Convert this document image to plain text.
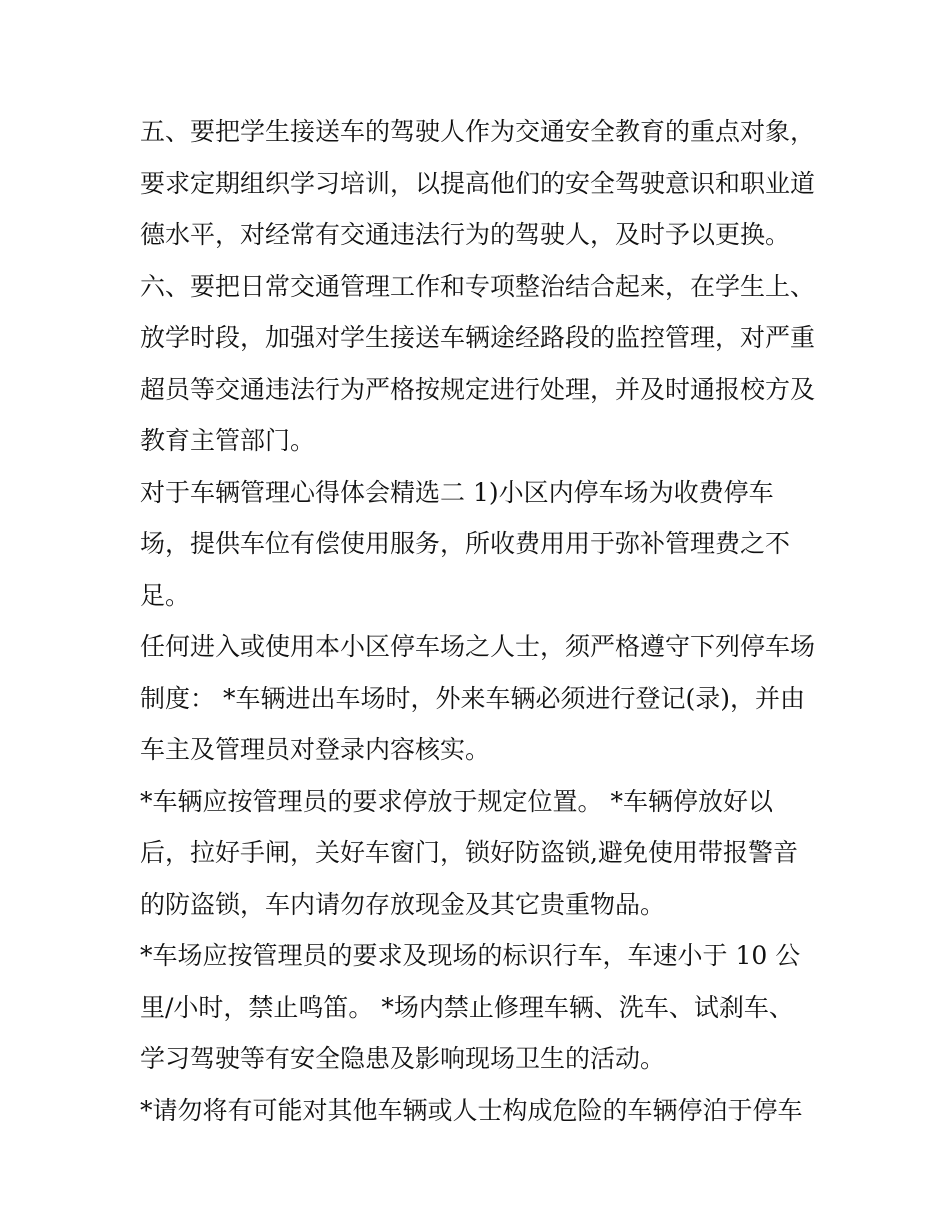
五、要把学生接送车的驾驶人作为交通安全教育的重点对象，
要求定期组织学习培训，以提高他们的安全驾驶意识和职业道
德水平，对经常有交通违法行为的驾驶人，及时予以更换。
六、要把日常交通管理工作和专项整治结合起来，在学生上、
放学时段，加强对学生接送车辆途经路段的监控管理，对严重
超员等交通违法行为严格按规定进行处理，并及时通报校方及
教育主管部门。
对于车辆管理心得体会精选二 1)小区内停车场为收费停车
场，提供车位有偿使用服务，所收费用用于弥补管理费之不
足。
任何进入或使用本小区停车场之人士，须严格遵守下列停车场
制度： *车辆进出车场时，外来车辆必须进行登记(录)，并由
车主及管理员对登录内容核实。
*车辆应按管理员的要求停放于规定位置。 *车辆停放好以
后，拉好手闸，关好车窗门，锁好防盗锁,避免使用带报警音
的防盗锁，车内请勿存放现金及其它贵重物品。
*车场应按管理员的要求及现场的标识行车，车速小于 10 公
里/小时，禁止鸣笛。 *场内禁止修理车辆、洗车、试刹车、
学习驾驶等有安全隐患及影响现场卫生的活动。
*请勿将有可能对其他车辆或人士构成危险的车辆停泊于停车
